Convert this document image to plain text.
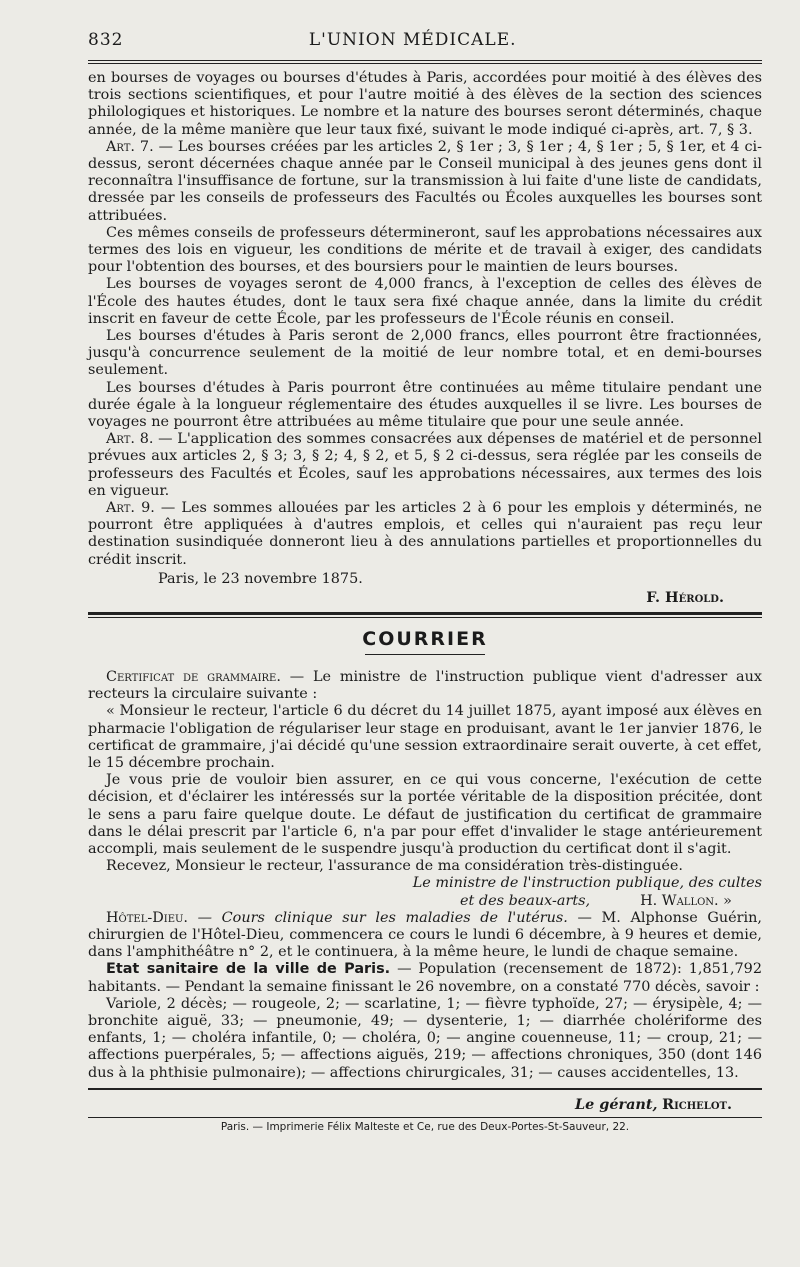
832	L'UNION MÉDICALE.

en bourses de voyages ou bourses d'études à Paris, accordées pour moitié à des élèves des trois sections scientifiques, et pour l'autre moitié à des élèves de la section des sciences philologiques et historiques. Le nombre et la nature des bourses seront déterminés, chaque année, de la même manière que leur taux fixé, suivant le mode indiqué ci-après, art. 7, § 3.

Art. 7. — Les bourses créées par les articles 2, § 1er ; 3, § 1er ; 4, § 1er ; 5, § 1er, et 4 ci-dessus, seront décernées chaque année par le Conseil municipal à des jeunes gens dont il reconnaîtra l'insuffisance de fortune, sur la transmission à lui faite d'une liste de candidats, dressée par les conseils de professeurs des Facultés ou Écoles auxquelles les bourses sont attribuées.

Ces mêmes conseils de professeurs détermineront, sauf les approbations nécessaires aux termes des lois en vigueur, les conditions de mérite et de travail à exiger, des candidats pour l'obtention des bourses, et des boursiers pour le maintien de leurs bourses.

Les bourses de voyages seront de 4,000 francs, à l'exception de celles des élèves de l'École des hautes études, dont le taux sera fixé chaque année, dans la limite du crédit inscrit en faveur de cette École, par les professeurs de l'École réunis en conseil.

Les bourses d'études à Paris seront de 2,000 francs, elles pourront être fractionnées, jusqu'à concurrence seulement de la moitié de leur nombre total, et en demi-bourses seulement.

Les bourses d'études à Paris pourront être continuées au même titulaire pendant une durée égale à la longueur réglementaire des études auxquelles il se livre. Les bourses de voyages ne pourront être attribuées au même titulaire que pour une seule année.

Art. 8. — L'application des sommes consacrées aux dépenses de matériel et de personnel prévues aux articles 2, § 3; 3, § 2; 4, § 2, et 5, § 2 ci-dessus, sera réglée par les conseils de professeurs des Facultés et Écoles, sauf les approbations nécessaires, aux termes des lois en vigueur.

Art. 9. — Les sommes allouées par les articles 2 à 6 pour les emplois y déterminés, ne pourront être appliquées à d'autres emplois, et celles qui n'auraient pas reçu leur destination susindiquée donneront lieu à des annulations partielles et proportionnelles du crédit inscrit.

Paris, le 23 novembre 1875.
F. Hérold.
COURRIER

Certificat de grammaire. — Le ministre de l'instruction publique vient d'adresser aux recteurs la circulaire suivante :

« Monsieur le recteur, l'article 6 du décret du 14 juillet 1875, ayant imposé aux élèves en pharmacie l'obligation de régulariser leur stage en produisant, avant le 1er janvier 1876, le certificat de grammaire, j'ai décidé qu'une session extraordinaire serait ouverte, à cet effet, le 15 décembre prochain.

Je vous prie de vouloir bien assurer, en ce qui vous concerne, l'exécution de cette décision, et d'éclairer les intéressés sur la portée véritable de la disposition précitée, dont le sens a paru faire quelque doute. Le défaut de justification du certificat de grammaire dans le délai prescrit par l'article 6, n'a par pour effet d'invalider le stage antérieurement accompli, mais seulement de le suspendre jusqu'à production du certificat dont il s'agit.

Recevez, Monsieur le recteur, l'assurance de ma considération très-distinguée.

Le ministre de l'instruction publique, des cultes

et des beaux-arts,	H. Wallon. »

Hôtel-Dieu. — Cours clinique sur les maladies de l'utérus. — M. Alphonse Guérin, chirurgien de l'Hôtel-Dieu, commencera ce cours le lundi 6 décembre, à 9 heures et demie, dans l'amphithéâtre n° 2, et le continuera, à la même heure, le lundi de chaque semaine.

Etat sanitaire de la ville de Paris. — Population (recensement de 1872): 1,851,792 habitants. — Pendant la semaine finissant le 26 novembre, on a constaté 770 décès, savoir :

Variole, 2 décès; — rougeole, 2; — scarlatine, 1; — fièvre typhoïde, 27; — érysipèle, 4; — bronchite aiguë, 33; — pneumonie, 49; — dysenterie, 1; — diarrhée cholériforme des enfants, 1; — choléra infantile, 0; — choléra, 0; — angine couenneuse, 11; — croup, 21; — affections puerpérales, 5; — affections aiguës, 219; — affections chroniques, 350 (dont 146 dus à la phthisie pulmonaire); — affections chirurgicales, 31; — causes accidentelles, 13.

Le gérant, Richelot.
Paris. — Imprimerie Félix Malteste et Ce, rue des Deux-Portes-St-Sauveur, 22.
